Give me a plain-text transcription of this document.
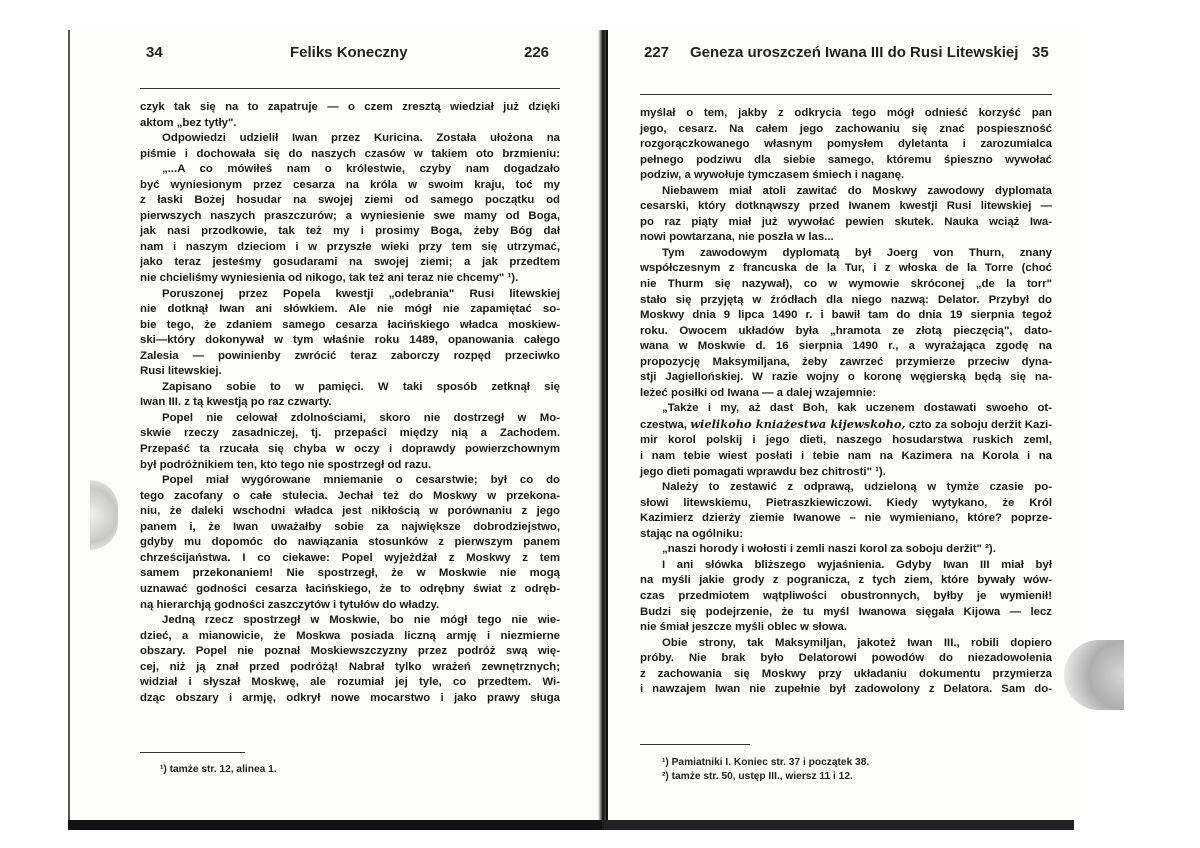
34	Feliks Koneczny	226
czyk tak się na to zapatruje — o czem zresztą wiedział już dzięki
aktom „bez tytły".
Odpowiedzi udzielił Iwan przez Kuricina. Została ułożona na
piśmie i dochowała się do naszych czasów w takiem oto brzmieniu:
„...A co mówiłeś nam o królestwie, czyby nam dogadzało
być wyniesionym przez cesarza na króla w swoim kraju, toć my
z łaski Bożej hosudar na swojej ziemi od samego początku od
pierwszych naszych praszczurów; a wyniesienie swe mamy od Boga,
jak nasi przodkowie, tak też my i prosimy Boga, żeby Bóg dał
nam i naszym dzieciom i w przyszłe wieki przy tem się utrzymać,
jako teraz jesteśmy gosudarami na swojej ziemi; a jak przedtem
nie chcieliśmy wyniesienia od nikogo, tak też ani teraz nie chcemy" ¹).
Poruszonej przez Popela kwestji „odebrania" Rusi litewskiej
nie dotknął Iwan ani słówkiem. Ale nie mógł nie zapamiętać so-
bie tego, że zdaniem samego cesarza łacińskiego władca moskiew-
ski—który dokonywał w tym właśnie roku 1489, opanowania całego
Zalesia — powinienby zwrócić teraz zaborczy rozpęd przeciwko
Rusi litewskiej.
Zapisano sobie to w pamięci. W taki sposób zetknął się
Iwan III. z tą kwestją po raz czwarty.
Popel nie celował zdolnościami, skoro nie dostrzegł w Mo-
skwie rzeczy zasadniczej, tj. przepaści między nią a Zachodem.
Przepaść ta rzucała się chyba w oczy i doprawdy powierzchownym
był podróżnikiem ten, kto tego nie spostrzegł od razu.
Popel miał wygórowane mniemanie o cesarstwie; był co do
tego zacofany o całe stulecia. Jechał też do Moskwy w przekona-
niu, że daleki wschodni władca jest nikłością w porównaniu z jego
panem i, że Iwan uważałby sobie za największe dobrodziejstwo,
gdyby mu dopomóc do nawiązania stosunków z pierwszym panem
chrześcijaństwa. I co ciekawe: Popel wyjeżdżał z Moskwy z tem
samem przekonaniem! Nie spostrzegł, że w Moskwie nie mogą
uznawać godności cesarza łacińskiego, że to odrębny świat z odręb-
ną hierarchją godności zaszczytów i tytułów do władzy.
Jedną rzecz spostrzegł w Moskwie, bo nie mógł tego nie wie-
dzieć, a mianowicie, że Moskwa posiada liczną armję i niezmierne
obszary. Popel nie poznał Moskiewszczyzny przez podróż swą wię-
cej, niż ją znał przed podróżą! Nabrał tylko wrażeń zewnętrznych;
widział i słyszał Moskwę, ale rozumiał jej tyle, co przedtem. Wi-
dząc obszary i armję, odkrył nowe mocarstwo i jako prawy sługa
¹) tamże str. 12, alinea 1.
227 Geneza uroszczeń Iwana III do Rusi Litewskiej 35
myślał o tem, jakby z odkrycia tego mógł odnieść korzyść pan
jego, cesarz. Na całem jego zachowaniu się znać pospieszność
rozgorączkowanego własnym pomysłem dyletanta i zarozumialca
pełnego podziwu dla siebie samego, któremu śpieszno wywołać
podziw, a wywołuje tymczasem śmiech i naganę.
Niebawem miał atoli zawitać do Moskwy zawodowy dyplomata
cesarski, który dotknąwszy przed Iwanem kwestji Rusi litewskiej —
po raz piąty miał już wywołać pewien skutek. Nauka wciąż Iwa-
nowi powtarzana, nie poszła w las...
Tym zawodowym dyplomatą był Joerg von Thurn, znany
współczesnym z francuska de la Tur, i z włoska de la Torre (choć
nie Thurm się nazywał), co w wymowie skróconej „de la torr"
stało się przyjętą w źródłach dla niego nazwą: Delator. Przybył do
Moskwy dnia 9 lipca 1490 r. i bawił tam do dnia 19 sierpnia tegoż
roku. Owocem układów była „hramota ze złotą pieczęcią", dato-
wana w Moskwie d. 16 sierpnia 1490 r., a wyrażająca zgodę na
propozycję Maksymiljana, żeby zawrzeć przymierze przeciw dyna-
stji Jagiellońskiej. W razie wojny o koronę węgierską będą się na-
leżeć posiłki od Iwana — a dalej wzajemnie:
„Także i my, aż dast Boh, kak uczenem dostawati swoeho ot-
czestwa, wielikoho kniażestwa kijewskoho, czto za soboju deržit Kazi-
mir korol polskij i jego dieti, naszego hosudarstwa ruskich zeml,
i nam tebie wiest posłati i tebie nam na Kazimera na Korola i na
jego dieti pomagati wprawdu bez chitrosti" ¹).
Należy to zestawić z odprawą, udzieloną w tymże czasie po-
słowi litewskiemu, Pietraszkiewiczowi. Kiedy wytykano, że Król
Kazimierz dzierży ziemie Iwanowe – nie wymieniano, które? poprze-
stając na ogólniku:
„naszi horody i wołosti i zemli naszi korol za soboju deržit" ²).
I ani słówka bliższego wyjaśnienia. Gdyby Iwan III miał był
na myśli jakie grody z pogranicza, z tych ziem, które bywały wów-
czas przedmiotem wątpliwości obustronnych, byłby je wymienił!
Budzi się podejrzenie, że tu myśl Iwanowa sięgała Kijowa — lecz
nie śmiał jeszcze myśli oblec w słowa.
Obie strony, tak Maksymiljan, jakoteż Iwan III., robili dopiero
próby. Nie brak było Delatorowi powodów do niezadowolenia
z zachowania się Moskwy przy układaniu dokumentu przymierza
i nawzajem Iwan nie zupełnie był zadowolony z Delatora. Sam do-
¹) Pamiatniki I. Koniec str. 37 i początek 38.
²) tamże str. 50, ustęp III., wiersz 11 i 12.
